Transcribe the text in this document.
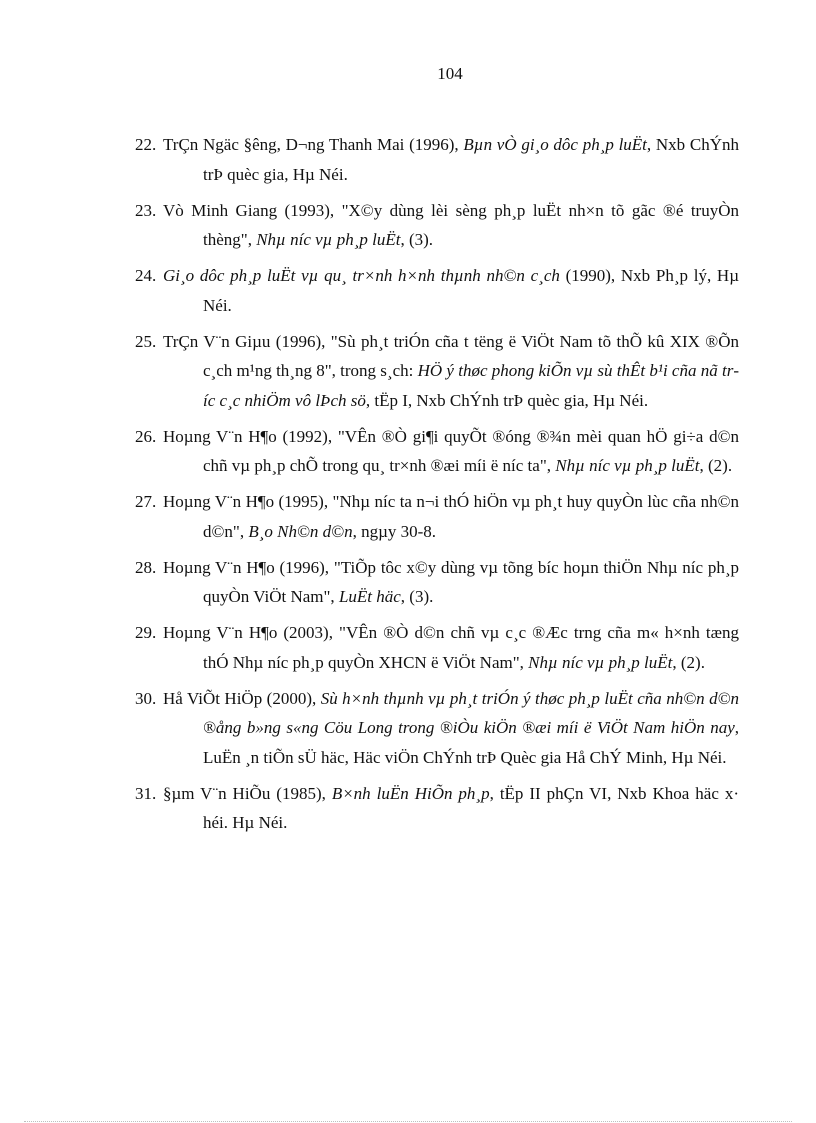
104

22. TrÇn Ngäc §êng, D¬ng Thanh Mai (1996), Bµn vÒ gi¸o dôc ph¸p luËt, Nxb ChÝnh trÞ quèc gia, Hµ Néi.

23. Vò Minh Giang (1993), "X©y dùng lèi sèng ph¸p luËt nh×n tõ gãc ®é truyÒn thèng", Nhµ níc vµ ph¸p luËt, (3).

24. Gi¸o dôc ph¸p luËt vµ qu¸ tr×nh h×nh thµnh nh©n c¸ch (1990), Nxb Ph¸p lý, Hµ Néi.

25. TrÇn V¨n Giµu (1996), "Sù ph¸t triÓn cña t tëng ë ViÖt Nam tõ thÕ kû XIX ®Õn c¸ch m¹ng th¸ng 8", trong s¸ch: HÖ ý thøc phong kiÕn vµ sù thÊt b¹i cña nã tríc c¸c nhiÖm vô lÞch sö, tËp I, Nxb ChÝnh trÞ quèc gia, Hµ Néi.

26. Hoµng V¨n H¶o (1992), "VÊn ®Ò gi¶i quyÕt ®óng ®¾n mèi quan hÖ gi÷a d©n chñ vµ ph¸p chÕ trong qu¸ tr×nh ®æi míi ë níc ta", Nhµ níc vµ ph¸p luËt, (2).

27. Hoµng V¨n H¶o (1995), "Nhµ níc ta n¬i thÓ hiÖn vµ ph¸t huy quyÒn lùc cña nh©n d©n", B¸o Nh©n d©n, ngµy 30-8.

28. Hoµng V¨n H¶o (1996), "TiÕp tôc x©y dùng vµ tõng bíc hoµn thiÖn Nhµ níc ph¸p quyÒn ViÖt Nam", LuËt häc, (3).

29. Hoµng V¨n H¶o (2003), "VÊn ®Ò d©n chñ vµ c¸c ®Æc trng cña m« h×nh tæng thÓ Nhµ níc ph¸p quyÒn XHCN ë ViÖt Nam", Nhµ níc vµ ph¸p luËt, (2).

30. Hå ViÕt HiÖp (2000), Sù h×nh thµnh vµ ph¸t triÓn ý thøc ph¸p luËt cña nh©n d©n ®ång b»ng s«ng Cöu Long trong ®iÒu kiÖn ®æi míi ë ViÖt Nam hiÖn nay, LuËn ¸n tiÕn sÜ häc, Häc viÖn ChÝnh trÞ Quèc gia Hå ChÝ Minh, Hµ Néi.

31. §µm V¨n HiÕu (1985), B×nh luËn HiÕn ph¸p, tËp II phÇn VI, Nxb Khoa häc x· héi. Hµ Néi.
